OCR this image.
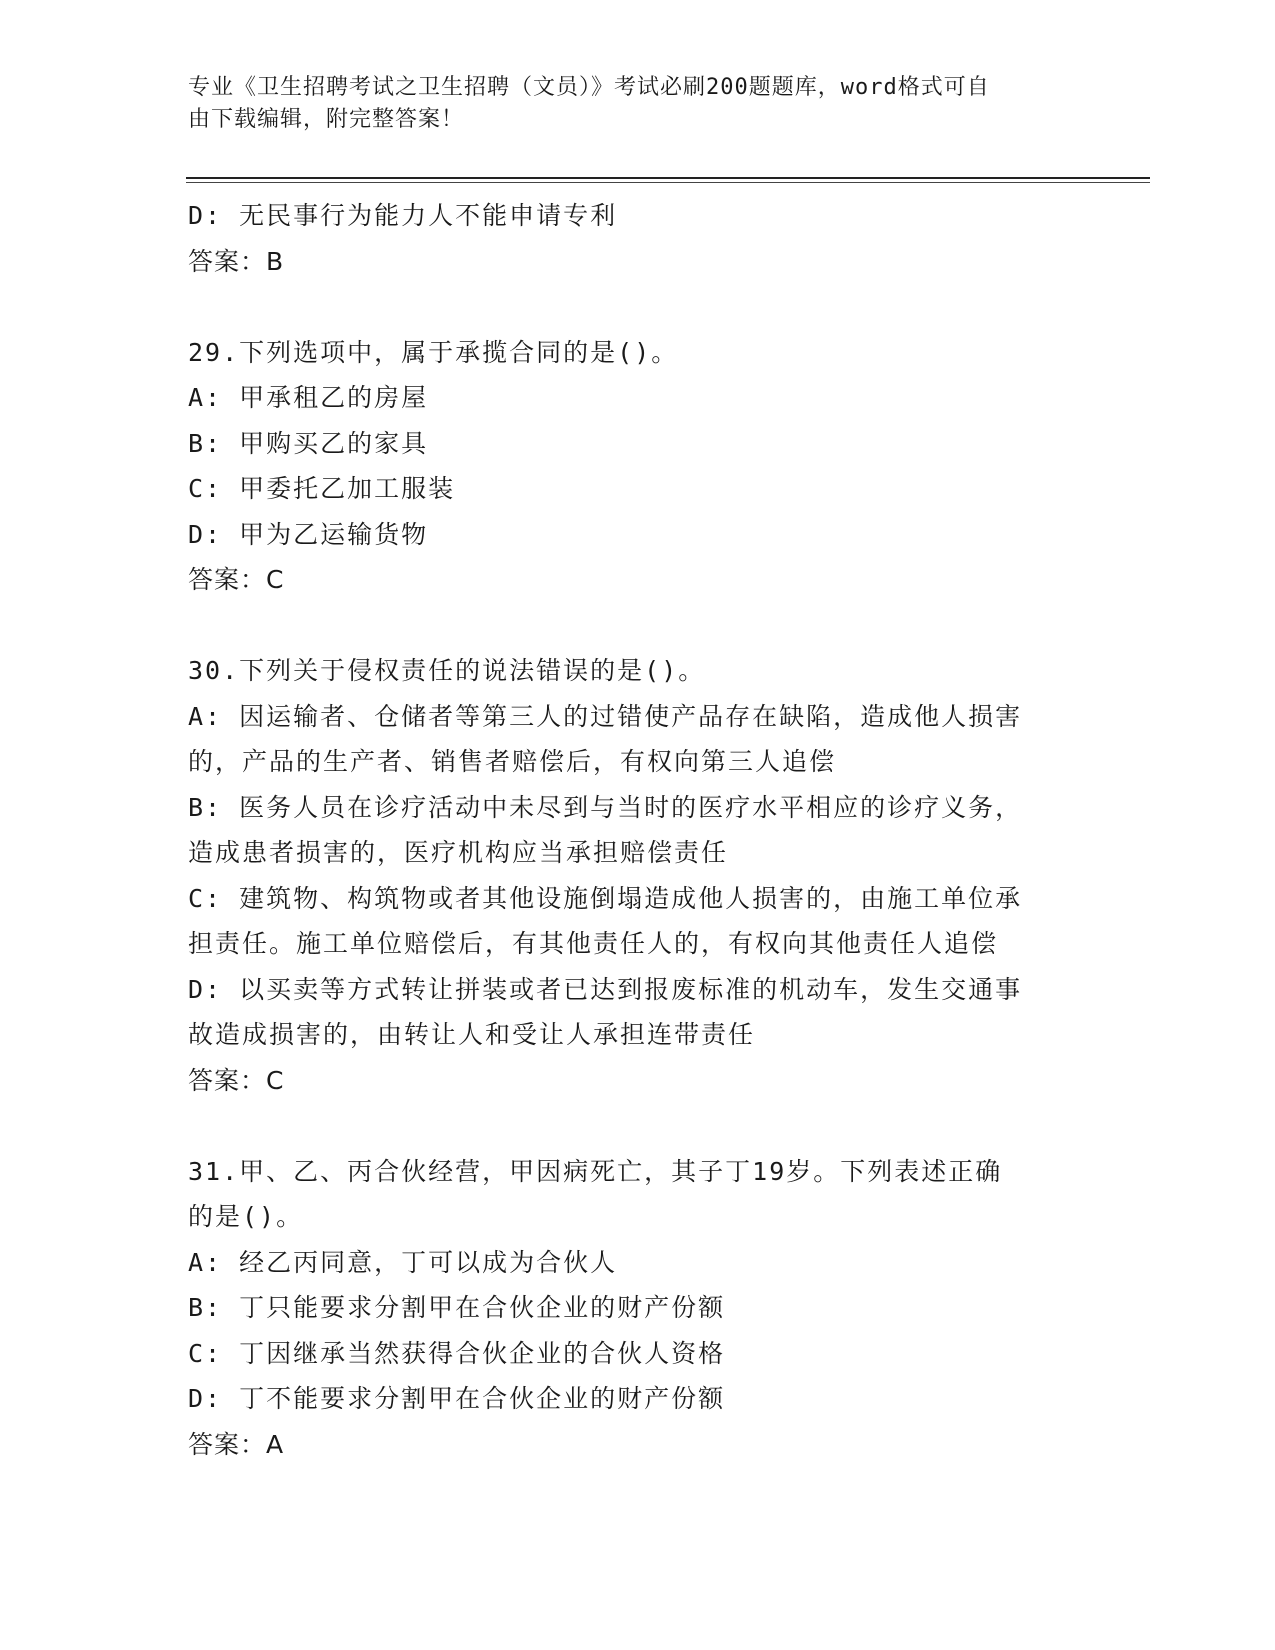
专业《卫生招聘考试之卫生招聘（文员）》考试必刷200题题库，word格式可自
由下载编辑，附完整答案！
D: 无民事行为能力人不能申请专利
答案：B
29.下列选项中，属于承揽合同的是()。
A: 甲承租乙的房屋
B: 甲购买乙的家具
C: 甲委托乙加工服装
D: 甲为乙运输货物
答案：C
30.下列关于侵权责任的说法错误的是()。
A: 因运输者、仓储者等第三人的过错使产品存在缺陷，造成他人损害
的，产品的生产者、销售者赔偿后，有权向第三人追偿
B: 医务人员在诊疗活动中未尽到与当时的医疗水平相应的诊疗义务，
造成患者损害的，医疗机构应当承担赔偿责任
C: 建筑物、构筑物或者其他设施倒塌造成他人损害的，由施工单位承
担责任。施工单位赔偿后，有其他责任人的，有权向其他责任人追偿
D: 以买卖等方式转让拼装或者已达到报废标准的机动车，发生交通事
故造成损害的，由转让人和受让人承担连带责任
答案：C
31.甲、乙、丙合伙经营，甲因病死亡，其子丁19岁。下列表述正确
的是()。
A: 经乙丙同意，丁可以成为合伙人
B: 丁只能要求分割甲在合伙企业的财产份额
C: 丁因继承当然获得合伙企业的合伙人资格
D: 丁不能要求分割甲在合伙企业的财产份额
答案：A
